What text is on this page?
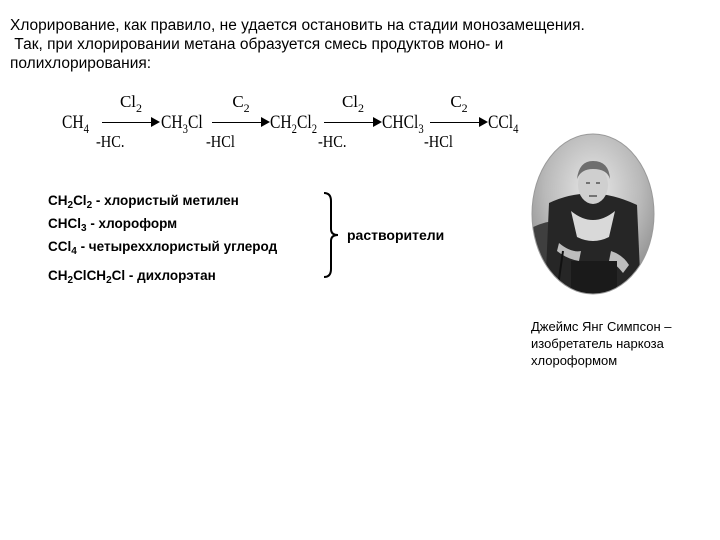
Хлорирование, как правило, не удается остановить на стадии монозамещения.
Так, при хлорировании метана образуется смесь продуктов моно- и
полихлорирования:

$CH_4$
$Cl_2$
-HC.
$CH_3Cl$
$C_2$
-HCl
$CH_2Cl_2$
$Cl_2$
-HC.
CHCl$_3$
$C_2$
-HCl
CCl$_4$
$CH_2Cl_2$ - хлористый метилен
CHCl$_3$ - хлороформ
CCl$_4$ - четыреххлористый углерод
$CH_2ClCH_2Cl$ - дихлорэтан
растворители
Джеймс Янг Симпсон –
изобретатель наркоза
хлороформом
